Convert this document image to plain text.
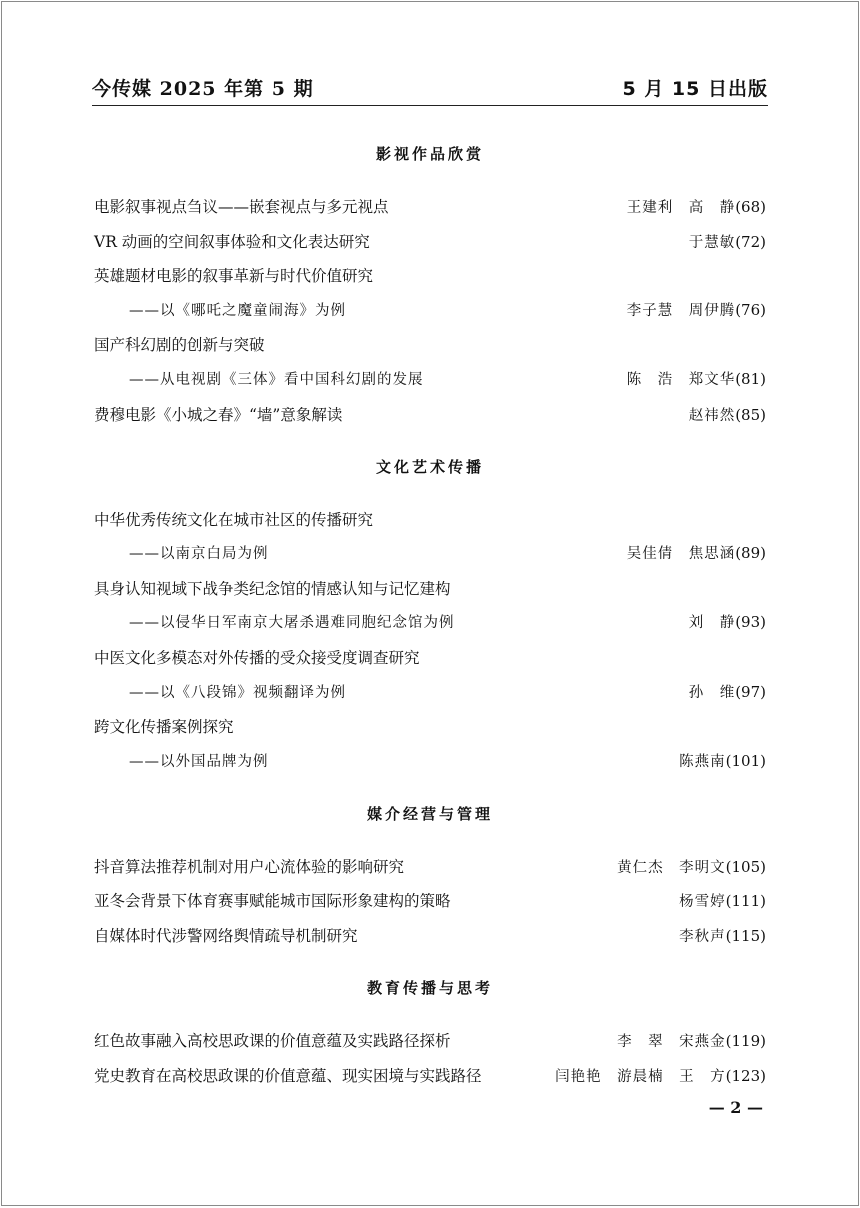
今传媒 2025 年第 5 期	5 月 15 日出版
影视作品欣赏
电影叙事视点刍议——嵌套视点与多元视点	王建利　高　静(68)
VR 动画的空间叙事体验和文化表达研究	于慧敏(72)
英雄题材电影的叙事革新与时代价值研究
——以《哪吒之魔童闹海》为例	李子慧　周伊腾(76)
国产科幻剧的创新与突破
——从电视剧《三体》看中国科幻剧的发展	陈　浩　郑文华(81)
费穆电影《小城之春》“墙”意象解读	赵祎然(85)
文化艺术传播
中华优秀传统文化在城市社区的传播研究
——以南京白局为例	吴佳倩　焦思涵(89)
具身认知视域下战争类纪念馆的情感认知与记忆建构
——以侵华日军南京大屠杀遇难同胞纪念馆为例	刘　静(93)
中医文化多模态对外传播的受众接受度调查研究
——以《八段锦》视频翻译为例	孙　维(97)
跨文化传播案例探究
——以外国品牌为例	陈燕南(101)
媒介经营与管理
抖音算法推荐机制对用户心流体验的影响研究	黄仁杰　李明文(105)
亚冬会背景下体育赛事赋能城市国际形象建构的策略	杨雪婷(111)
自媒体时代涉警网络舆情疏导机制研究	李秋声(115)
教育传播与思考
红色故事融入高校思政课的价值意蕴及实践路径探析	李　翠　宋燕金(119)
党史教育在高校思政课的价值意蕴、现实困境与实践路径	闫艳艳　游晨楠　王　方(123)
— 2 —
